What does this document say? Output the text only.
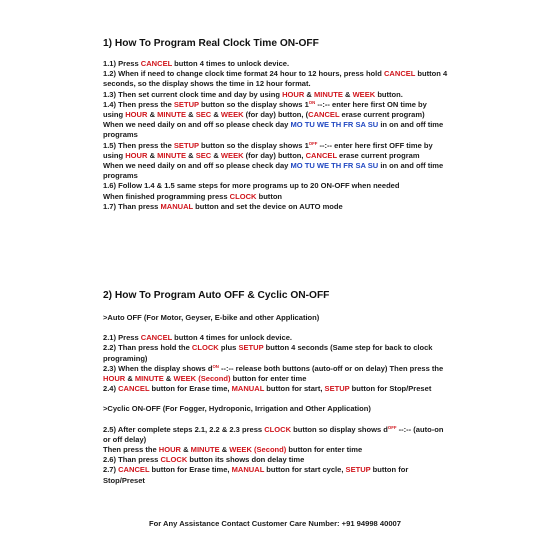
1) How To Program Real Clock Time ON-OFF

1.1) Press CANCEL button 4 times to unlock device.

1.2) When if need to change clock time format 24 hour to 12 hours, press hold CANCEL button 4 seconds, so the display shows the time in 12 hour format.

1.3) Then set current clock time and day by using HOUR & MINUTE & WEEK button.

1.4) Then press the SETUP button so the display shows $1^{ON}$ --:-- enter here first ON time by using HOUR & MINUTE & SEC & WEEK (for day) button, (CANCEL erase current program)

When we need daily on and off so please check day MO TU WE TH FR SA SU in on and off time programs

1.5) Then press the SETUP button so the display shows $1^{OFF}$ --:-- enter here first OFF time by using HOUR & MINUTE & SEC & WEEK (for day) button, CANCEL erase current program

When we need daily on and off so please check day MO TU WE TH FR SA SU in on and off time programs

1.6) Follow 1.4 & 1.5 same steps for more programs up to 20 ON-OFF when needed

When finished programming press CLOCK button

1.7) Than press MANUAL button and set the device on AUTO mode

2) How To Program Auto OFF & Cyclic ON-OFF

>Auto OFF (For Motor, Geyser, E-bike and other Application)

2.1) Press CANCEL button 4 times for unlock device.

2.2) Than press hold the CLOCK plus SETUP button 4 seconds (Same step for back to clock programing)

2.3) When the display shows $d^{ON}$ --:-- release both buttons (auto-off or on delay) Then press the HOUR & MINUTE & WEEK (Second) button for enter time

2.4) CANCEL button for Erase time, MANUAL button for start, SETUP button for Stop/Preset

>Cyclic ON-OFF (For Fogger, Hydroponic, Irrigation and Other Application)

2.5) After complete steps 2.1, 2.2 & 2.3 press CLOCK button so display shows $d^{OFF}$ --:-- (auto-on or off delay)

Then press the HOUR & MINUTE & WEEK (Second) button for enter time

2.6) Than press CLOCK button its shows don delay time

2.7) CANCEL button for Erase time, MANUAL button for start cycle, SETUP button for Stop/Preset

For Any Assistance Contact Customer Care Number: +91 94998 40007
